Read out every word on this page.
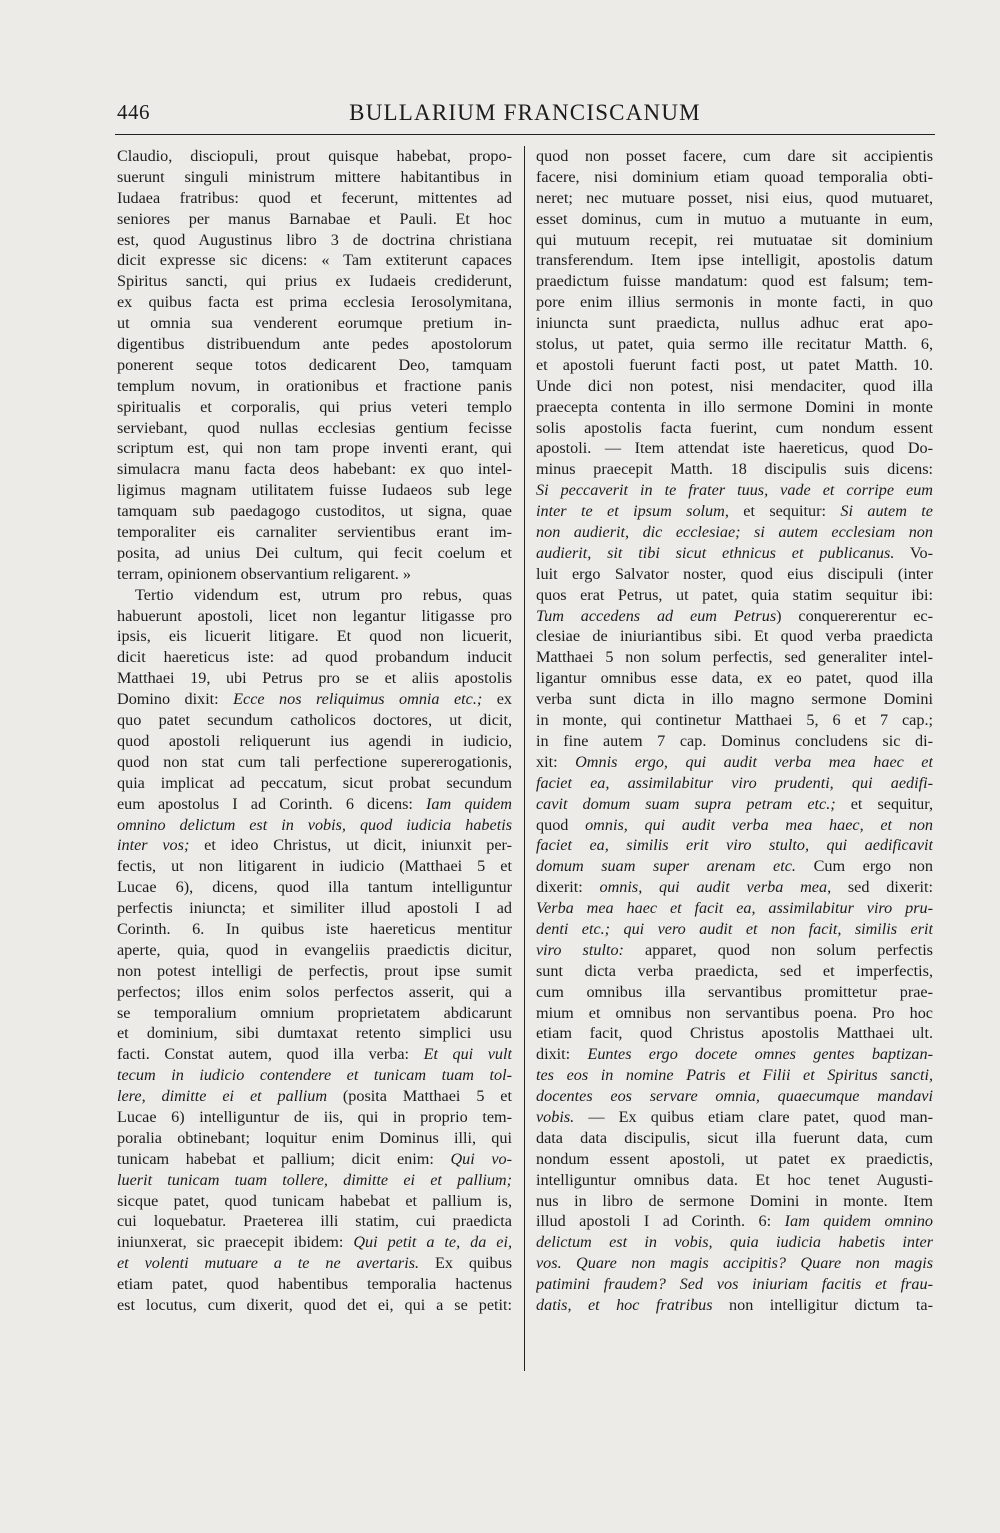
446	BULLARIUM FRANCISCANUM
Claudio, disciopuli, prout quisque habebat, propo-
suerunt singuli ministrum mittere habitantibus in
Iudaea fratribus: quod et fecerunt, mittentes ad
seniores per manus Barnabae et Pauli. Et hoc
est, quod Augustinus libro 3 de doctrina christiana
dicit expresse sic dicens: « Tam extiterunt capaces
Spiritus sancti, qui prius ex Iudaeis crediderunt,
ex quibus facta est prima ecclesia Ierosolymitana,
ut omnia sua venderent eorumque pretium in-
digentibus distribuendum ante pedes apostolorum
ponerent seque totos dedicarent Deo, tamquam
templum novum, in orationibus et fractione panis
spiritualis et corporalis, qui prius veteri templo
serviebant, quod nullas ecclesias gentium fecisse
scriptum est, qui non tam prope inventi erant, qui
simulacra manu facta deos habebant: ex quo intel-
ligimus magnam utilitatem fuisse Iudaeos sub lege
tamquam sub paedagogo custoditos, ut signa, quae
temporaliter eis carnaliter servientibus erant im-
posita, ad unius Dei cultum, qui fecit coelum et
terram, opinionem observantium religarent. »
Tertio videndum est, utrum pro rebus, quas
habuerunt apostoli, licet non legantur litigasse pro
ipsis, eis licuerit litigare. Et quod non licuerit,
dicit haereticus iste: ad quod probandum inducit
Matthaei 19, ubi Petrus pro se et aliis apostolis
Domino dixit: Ecce nos reliquimus omnia etc.; ex
quo patet secundum catholicos doctores, ut dicit,
quod apostoli reliquerunt ius agendi in iudicio,
quod non stat cum tali perfectione supererogationis,
quia implicat ad peccatum, sicut probat secundum
eum apostolus I ad Corinth. 6 dicens: Iam quidem
omnino delictum est in vobis, quod iudicia habetis
inter vos; et ideo Christus, ut dicit, iniunxit per-
fectis, ut non litigarent in iudicio (Matthaei 5 et
Lucae 6), dicens, quod illa tantum intelliguntur
perfectis iniuncta; et similiter illud apostoli I ad
Corinth. 6. In quibus iste haereticus mentitur
aperte, quia, quod in evangeliis praedictis dicitur,
non potest intelligi de perfectis, prout ipse sumit
perfectos; illos enim solos perfectos asserit, qui a
se temporalium omnium proprietatem abdicarunt
et dominium, sibi dumtaxat retento simplici usu
facti. Constat autem, quod illa verba: Et qui vult
tecum in iudicio contendere et tunicam tuam tol-
lere, dimitte ei et pallium (posita Matthaei 5 et
Lucae 6) intelliguntur de iis, qui in proprio tem-
poralia obtinebant; loquitur enim Dominus illi, qui
tunicam habebat et pallium; dicit enim: Qui vo-
luerit tunicam tuam tollere, dimitte ei et pallium;
sicque patet, quod tunicam habebat et pallium is,
cui loquebatur. Praeterea illi statim, cui praedicta
iniunxerat, sic praecepit ibidem: Qui petit a te, da ei,
et volenti mutuare a te ne avertaris. Ex quibus
etiam patet, quod habentibus temporalia hactenus
est locutus, cum dixerit, quod det ei, qui a se petit:
quod non posset facere, cum dare sit accipientis
facere, nisi dominium etiam quoad temporalia obti-
neret; nec mutuare posset, nisi eius, quod mutuaret,
esset dominus, cum in mutuo a mutuante in eum,
qui mutuum recepit, rei mutuatae sit dominium
transferendum. Item ipse intelligit, apostolis datum
praedictum fuisse mandatum: quod est falsum; tem-
pore enim illius sermonis in monte facti, in quo
iniuncta sunt praedicta, nullus adhuc erat apo-
stolus, ut patet, quia sermo ille recitatur Matth. 6,
et apostoli fuerunt facti post, ut patet Matth. 10.
Unde dici non potest, nisi mendaciter, quod illa
praecepta contenta in illo sermone Domini in monte
solis apostolis facta fuerint, cum nondum essent
apostoli. — Item attendat iste haereticus, quod Do-
minus praecepit Matth. 18 discipulis suis dicens:
Si peccaverit in te frater tuus, vade et corripe eum
inter te et ipsum solum, et sequitur: Si autem te
non audierit, dic ecclesiae; si autem ecclesiam non
audierit, sit tibi sicut ethnicus et publicanus. Vo-
luit ergo Salvator noster, quod eius discipuli (inter
quos erat Petrus, ut patet, quia statim sequitur ibi:
Tum accedens ad eum Petrus) conquererentur ec-
clesiae de iniuriantibus sibi. Et quod verba praedicta
Matthaei 5 non solum perfectis, sed generaliter intel-
ligantur omnibus esse data, ex eo patet, quod illa
verba sunt dicta in illo magno sermone Domini
in monte, qui continetur Matthaei 5, 6 et 7 cap.;
in fine autem 7 cap. Dominus concludens sic di-
xit: Omnis ergo, qui audit verba mea haec et
faciet ea, assimilabitur viro prudenti, qui aedifi-
cavit domum suam supra petram etc.; et sequitur,
quod omnis, qui audit verba mea haec, et non
faciet ea, similis erit viro stulto, qui aedificavit
domum suam super arenam etc. Cum ergo non
dixerit: omnis, qui audit verba mea, sed dixerit:
Verba mea haec et facit ea, assimilabitur viro pru-
denti etc.; qui vero audit et non facit, similis erit
viro stulto: apparet, quod non solum perfectis
sunt dicta verba praedicta, sed et imperfectis,
cum omnibus illa servantibus promittetur prae-
mium et omnibus non servantibus poena. Pro hoc
etiam facit, quod Christus apostolis Matthaei ult.
dixit: Euntes ergo docete omnes gentes baptizan-
tes eos in nomine Patris et Filii et Spiritus sancti,
docentes eos servare omnia, quaecumque mandavi
vobis. — Ex quibus etiam clare patet, quod man-
data data discipulis, sicut illa fuerunt data, cum
nondum essent apostoli, ut patet ex praedictis,
intelliguntur omnibus data. Et hoc tenet Augusti-
nus in libro de sermone Domini in monte. Item
illud apostoli I ad Corinth. 6: Iam quidem omnino
delictum est in vobis, quia iudicia habetis inter
vos. Quare non magis accipitis? Quare non magis
patimini fraudem? Sed vos iniuriam facitis et frau-
datis, et hoc fratribus non intelligitur dictum ta-
